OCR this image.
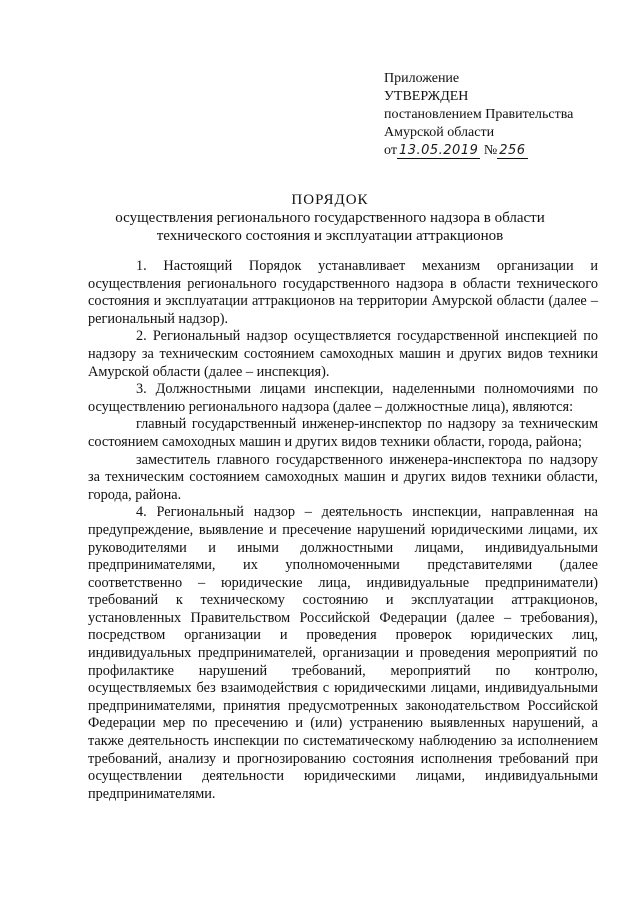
Приложение
УТВЕРЖДЕН
постановлением Правительства
Амурской области
от 13.05.2019 № 256
ПОРЯДОК
осуществления регионального государственного надзора в области
технического состояния и эксплуатации аттракционов

1. Настоящий Порядок устанавливает механизм организации и осуществления регионального государственного надзора в области технического состояния и эксплуатации аттракционов на территории Амурской области (далее – региональный надзор).

2. Региональный надзор осуществляется государственной инспекцией по надзору за техническим состоянием самоходных машин и других видов техники Амурской области (далее – инспекция).

3. Должностными лицами инспекции, наделенными полномочиями по осуществлению регионального надзора (далее – должностные лица), являются:

главный государственный инженер-инспектор по надзору за техническим состоянием самоходных машин и других видов техники области, города, района;

заместитель главного государственного инженера-инспектора по надзору за техническим состоянием самоходных машин и других видов техники области, города, района.

4. Региональный надзор – деятельность инспекции, направленная на предупреждение, выявление и пресечение нарушений юридическими лицами, их руководителями и иными должностными лицами, индивидуальными предпринимателями, их уполномоченными представителями (далее соответственно – юридические лица, индивидуальные предприниматели) требований к техническому состоянию и эксплуатации аттракционов, установленных Правительством Российской Федерации (далее – требования), посредством организации и проведения проверок юридических лиц, индивидуальных предпринимателей, организации и проведения мероприятий по профилактике нарушений требований, мероприятий по контролю, осуществляемых без взаимодействия с юридическими лицами, индивидуальными предпринимателями, принятия предусмотренных законодательством Российской Федерации мер по пресечению и (или) устранению выявленных нарушений, а также деятельность инспекции по систематическому наблюдению за исполнением требований, анализу и прогнозированию состояния исполнения требований при осуществлении деятельности юридическими лицами, индивидуальными предпринимателями.
